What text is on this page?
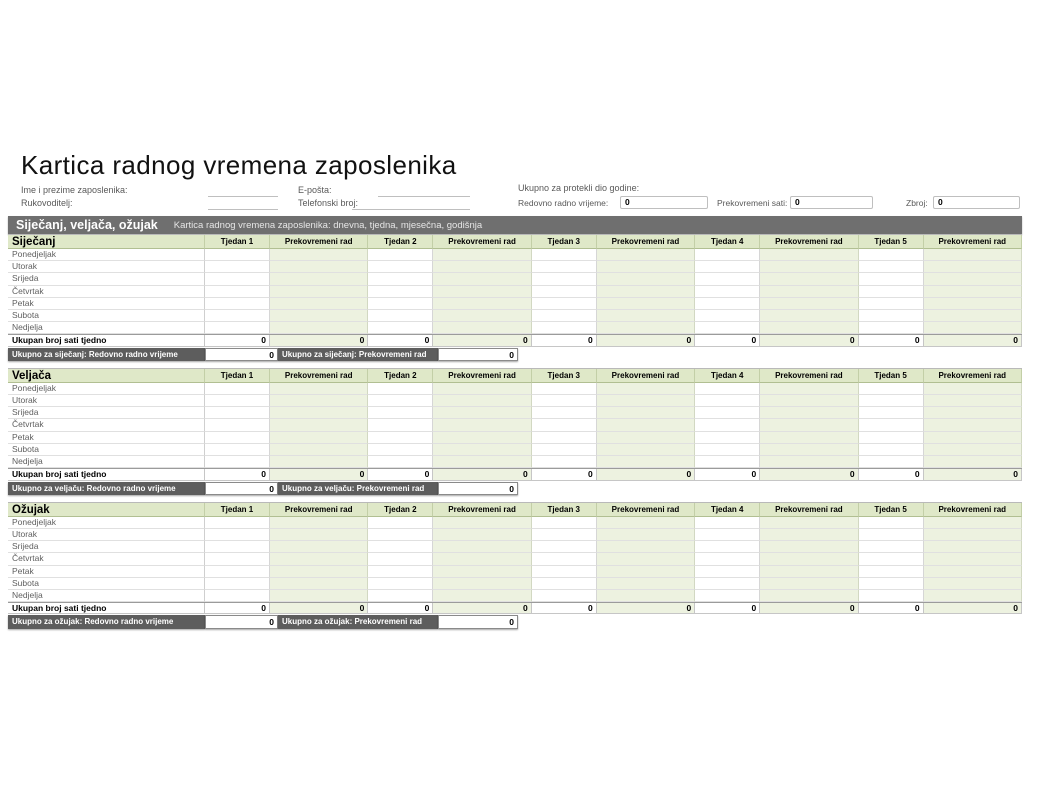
Kartica radnog vremena zaposlenika
Ime i prezime zaposlenika:
Rukovoditelj:
E-pošta:
Telefonski broj:
Ukupno za protekli dio godine:
Redovno radno vrijeme:	0	Prekovremeni sati: 0	Zbroj:	0
Siječanj, veljača, ožujak Kartica radnog vremena zaposlenika: dnevna, tjedna, mjesečna, godišnja
Siječanj	Tjedan 1	Prekovremeni rad	Tjedan 2	Prekovremeni rad	Tjedan 3	Prekovremeni rad	Tjedan 4	Prekovremeni rad	Tjedan 5	Prekovremeni rad
Ponedjeljak
Utorak
Srijeda
Četvrtak
Petak
Subota
Nedjelja
Ukupan broj sati tjedno	0	0	0	0	0	0	0	0	0	0
Ukupno za siječanj: Redovno radno vrijeme	0	Ukupno za siječanj: Prekovremeni rad	0
Veljača	Tjedan 1	Prekovremeni rad	Tjedan 2	Prekovremeni rad	Tjedan 3	Prekovremeni rad	Tjedan 4	Prekovremeni rad	Tjedan 5	Prekovremeni rad
Ponedjeljak
Utorak
Srijeda
Četvrtak
Petak
Subota
Nedjelja
Ukupan broj sati tjedno	0	0	0	0	0	0	0	0	0	0
Ukupno za veljaču: Redovno radno vrijeme	0	Ukupno za veljaču: Prekovremeni rad	0
Ožujak	Tjedan 1	Prekovremeni rad	Tjedan 2	Prekovremeni rad	Tjedan 3	Prekovremeni rad	Tjedan 4	Prekovremeni rad	Tjedan 5	Prekovremeni rad
Ponedjeljak
Utorak
Srijeda
Četvrtak
Petak
Subota
Nedjelja
Ukupan broj sati tjedno	0	0	0	0	0	0	0	0	0	0
Ukupno za ožujak: Redovno radno vrijeme	0	Ukupno za ožujak: Prekovremeni rad	0
